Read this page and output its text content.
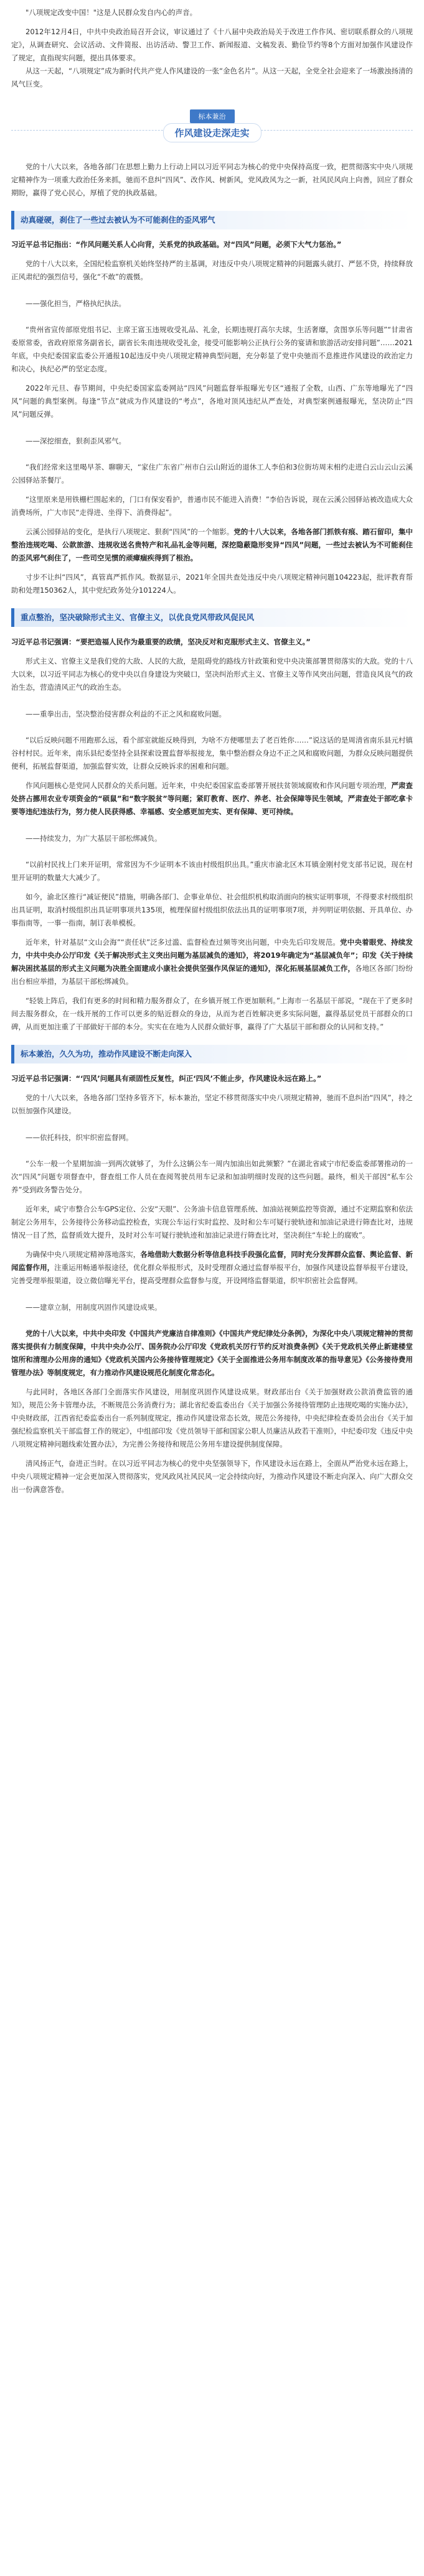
"八项规定改变中国！"这是人民群众发自内心的声音。

2012年12月4日，中共中央政治局召开会议，审议通过了《十八届中央政治局关于改进工作作风、密切联系群众的八项规定》，从调查研究、会议活动、文件简报、出访活动、警卫工作、新闻报道、文稿发表、勤俭节约等8个方面对加强作风建设作了规定，直指现实问题，提出具体要求。

从这一天起，“八项规定”成为新时代共产党人作风建设的一张“金色名片”。从这一天起，全党全社会迎来了一场激浊扬清的风气巨变。

标本兼治
作风建设走深走实

党的十八大以来，各地各部门在思想上勤力上行动上同以习近平同志为核心的党中央保持高度一致，把贯彻落实中央八项规定精神作为一项重大政治任务来抓，驰而不息纠“四风”、改作风、树新风，党风政风为之一新，社风民风向上向善，回应了群众期盼，赢得了党心民心，厚植了党的执政基础。

动真碰硬，刹住了一些过去被认为不可能刹住的歪风邪气

习近平总书记指出：“作风问题关系人心向背，关系党的执政基础。对“四风”问题，必须下大气力惩治。”

党的十八大以来，全国纪检监察机关始终坚持严的主基调，对违反中央八项规定精神的问题露头就打、严惩不贷，持续释放正风肃纪的强烈信号，强化“不敢”的震慑。

——强化担当，严格执纪执法。

“贵州省宣传部原党组书记、主席王富玉违规收受礼品、礼金，长期违规打高尔夫球，生活奢靡，贪图享乐等问题”“甘肃省委原常委，省政府原常务副省长，副省长朱南违规收受礼金，接受可能影响公正执行公务的宴请和旅游活动安排问题”……2021年底，中央纪委国家监委公开通报10起违反中央八项规定精神典型问题，充分彰显了党中央驰而不息推进作风建设的政治定力和决心，执纪必严的坚定态度。

2022年元旦、春节期间，中央纪委国家监委网站“四风”问题监督举报曝光专区“通报了全数，山西、广东等地曝光了“四风”问题的典型案例。每逢“节点”就成为作风建设的“考点”，各地对顶风违纪从严查处，对典型案例通报曝光，坚决防止“四风”问题反弹。

——深挖细查，狠刹歪风邪气。

“我们经常来这里喝早茶、聊聊天，“家住广东省广州市白云山附近的退休工人李伯和3位街坊周末相约走进白云山云山云溪公园驿站茶餐厅。

“这里原来是用铁栅栏围起来的，门口有保安看护，普通市民不能进入消费！”李伯告诉说，现在云溪公园驿站被改造成大众消费场所，广大市民“走得进、坐得下、消费得起”。

云溪公园驿站的变化，是执行八项规定、狠刹“四风”的一个缩影。党的十八大以来，各地各部门抓铁有痕、踏石留印，集中整治违规吃喝、公款旅游、违规收送名贵特产和礼品礼金等问题，深挖隐蔽隐形变异“四风”问题，一些过去被认为不可能刹住的歪风邪气刹住了，一些司空见惯的顽瘴痼疾得到了根治。

寸步不让纠“四风”，真管真严抓作风。数据显示，2021年全国共查处违反中央八项规定精神问题104223起，批评教育帮助和处理150362人，其中党纪政务处分101224人。

重点整治，坚决破除形式主义、官僚主义，以优良党风带政风促民风

习近平总书记强调：“要把造福人民作为最重要的政绩，坚决反对和克服形式主义、官僚主义。”

形式主义、官僚主义是我们党的大敌、人民的大敌，是阻碍党的路线方针政策和党中央决策部署贯彻落实的大敌。党的十八大以来，以习近平同志为核心的党中央以自身建设为突破口，坚决纠治形式主义、官僚主义等作风突出问题，营造良风良气的政治生态，营造清风正气的政治生态。

——重拳出击，坚决整治侵害群众利益的不正之风和腐败问题。

“以后反映问题不用跑那么远，看个部室就能反映得到，为啥不方便哪里去了老百姓你……”说这话的是周清省南乐县元村镇谷村村民。近年来，南乐县纪委坚持全县探索设置监督举报接龙，集中整治群众身边不正之风和腐败问题，为群众反映问题提供便利，拓展监督渠道，加强监督实效，让群众反映诉求的困难和问题。

作风问题核心是党同人民群众的关系问题。近年来，中央纪委国家监委部署开展扶贫领域腐败和作风问题专项治理，严肃查处挤占挪用农业专项资金的“硕鼠”和“数字脱贫”等问题；紧盯教育、医疗、养老、社会保障等民生领域，严肃查处于部吃拿卡要等违纪违法行为，努力使人民获得感、幸福感、安全感更加充实、更有保障、更可持续。

——持续发力，为广大基层干部松绑减负。

“以前村民找上门来开证明，常常因为不少证明本不该由村级组织出具。”重庆市渝北区木耳镇金刚村党支部书记说，现在村里开证明的数量大大减少了。

如今，渝北区推行“减证便民”措施，明确各部门、企事业单位、社会组织机构取消面向的核实证明事项，不得要求村级组织出具证明，取消村级组织出具证明事项共135项，梳理保留村级组织依法出具的证明事项7项，并列明证明依据、开具单位、办事指南等，一事一指南，制订表单模板。

近年来，针对基层“文山会海”“责任状”泛多过滥、监督检查过频等突出问题，中央先后印发规范。党中央着眼党、持续发力，中共中央办公厅印发《关于解决形式主义突出问题为基层减负的通知》，将2019年确定为“基层减负年”；印发《关于持续解决困扰基层的形式主义问题为决胜全面建成小康社会提供坚强作风保证的通知》，深化拓展基层减负工作，各地区各部门纷纷出台相应举措，为基层干部松绑减负。

“轻装上阵后，我们有更多的时间和精力服务群众了，在乡镇开展工作更加顺利。”上海市一名基层干部说，“现在干了更多时间去服务群众，在一线开展的工作可以更多的贴近群众的身边，从而为老百姓解决更多实际问题，赢得基层党员干部群众的口碑，从而更加注重了干部做好干部的本分。实实在在地为人民群众做好事，赢得了广大基层干部和群众的认同和支持。”

标本兼治，久久为功，推动作风建设不断走向深入

习近平总书记强调：“‘四风’问题具有顽固性反复性，纠正‘四风’不能止步，作风建设永远在路上。”

党的十八大以来，各地各部门坚持多管齐下，标本兼治，坚定不移贯彻落实中央八项规定精神，驰而不息纠治“四风”，持之以恒加强作风建设。

——依托科技，织牢织密监督网。

“公车一般一个星期加油一到两次就够了，为什么这辆公车一周内加油出如此频繁？”在湖北省咸宁市纪委监委部署推动的一次“四风”问题专项督查中，督查组工作人员在查阅驾驶员用车记录和加油明细时发现的这些问题。最终，相关干部因“私车公养”受到政务警告处分。

近年来，咸宁市整合公车GPS定位、公安“天眼”、公务油卡信息管理系统、加油站视频监控等资源，通过不定期监察和依法制定公务用车，公务接待公务移动监控检查，实现公车运行实时监控、及时和公车可疑行驶轨迹和加油记录进行筛查比对，违规情况一目了然，监督质效大提升，及时对公车可疑行驶轨迹和加油记录进行筛查比对，坚决刹住“车轮上的腐败”。

为确保中央八项规定精神落地落实，各地借助大数据分析等信息科技手段强化监督，同时充分发挥群众监督、舆论监督、新闻监督作用，注重运用畅通举报途径，优化群众举报形式，及时受理群众通过监督举报平台，加强作风建设监督举报平台建设，完善受理举报渠道，设立微信曝光平台，提高受理群众监督参与度，开设网络监督渠道，织牢织密社会监督网。

——建章立制，用制度巩固作风建设成果。

党的十八大以来，中共中央印发《中国共产党廉洁自律准则》《中国共产党纪律处分条例》，为深化中央八项规定精神的贯彻落实提供有力制度保障，中共中央办公厅、国务院办公厅印发《党政机关厉行节约反对浪费条例》《关于党政机关停止新建楼堂馆所和清理办公用房的通知》《党政机关国内公务接待管理规定》《关于全面推进公务用车制度改革的指导意见》《公务接待费用管理办法》等制度规定，有力推动作风建设规范化制度化常态化。

与此同时，各地区各部门全面落实作风建设，用制度巩固作风建设成果。财政部出台《关于加强财政公款消费监管的通知》，规范公务卡管理办法，不断规范公务消费行为；湖北省纪委监委出台《关于加强公务接待管理防止违规吃喝的实施办法》，中央财政部，江西省纪委监委出台一系列制度规定，推动作风建设常态长效，规范公务接待，中央纪律检查委员会出台《关于加强纪检监察机关干部监督工作的规定》，中组部印发《党员领导干部和国家公职人员廉洁从政若干准则》，中纪委印发《违反中央八项规定精神问题线索处置办法》，为完善公务接待和规范公务用车建设提供制度保障。

清风扬正气，奋进正当时。在以习近平同志为核心的党中央坚强领导下，作风建设永远在路上，全面从严治党永远在路上，中央八项规定精神一定会更加深入贯彻落实，党风政风社风民风一定会持续向好，为推动作风建设不断走向深入、向广大群众交出一份满意答卷。
